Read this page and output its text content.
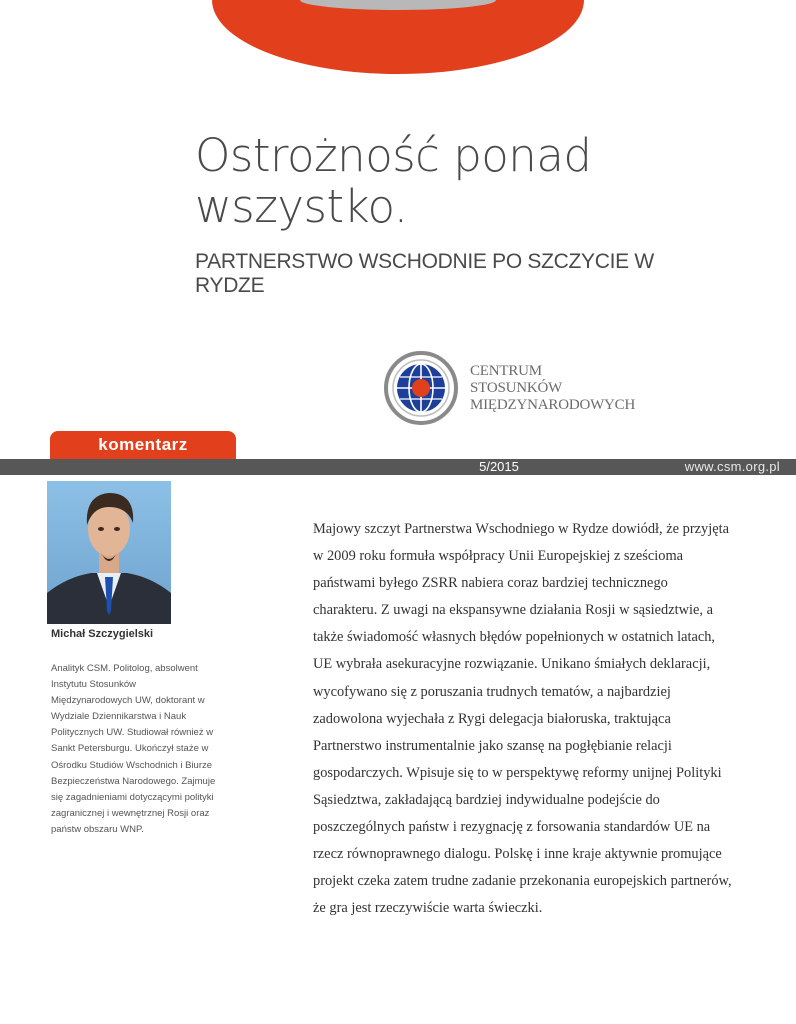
Ostrożność ponad wszystko.
PARTNERSTWO WSCHODNIE PO SZCZYCIE W RYDZE
CENTRUM
STOSUNKÓW
MIĘDZYNARODOWYCH
komentarz
5/2015	www.csm.org.pl
Michał Szczygielski
Analityk CSM. Politolog, absolwent Instytutu Stosunków Międzynarodowych UW, doktorant w Wydziale Dziennikarstwa i Nauk Politycznych UW. Studiował również w Sankt Petersburgu. Ukończył staże w Ośrodku Studiów Wschodnich i Biurze Bezpieczeństwa Narodowego. Zajmuje się zagadnieniami dotyczącymi polityki zagranicznej i wewnętrznej Rosji oraz państw obszaru WNP.

Majowy szczyt Partnerstwa Wschodniego w Rydze dowiódł, że przyjęta w 2009 roku formuła współpracy Unii Europejskiej z sześcioma państwami byłego ZSRR nabiera coraz bardziej technicznego charakteru. Z uwagi na ekspansywne działania Rosji w sąsiedztwie, a także świadomość własnych błędów popełnionych w ostatnich latach, UE wybrała asekuracyjne rozwiązanie. Unikano śmiałych deklaracji, wycofywano się z poruszania trudnych tematów, a najbardziej zadowolona wyjechała z Rygi delegacja białoruska, traktująca Partnerstwo instrumentalnie jako szansę na pogłębianie relacji gospodarczych. Wpisuje się to w perspektywę reformy unijnej Polityki Sąsiedztwa, zakładającą bardziej indywidualne podejście do poszczególnych państw i rezygnację z forsowania standardów UE na rzecz równoprawnego dialogu. Polskę i inne kraje aktywnie promujące projekt czeka zatem trudne zadanie przekonania europejskich partnerów, że gra jest rzeczywiście warta świeczki.
